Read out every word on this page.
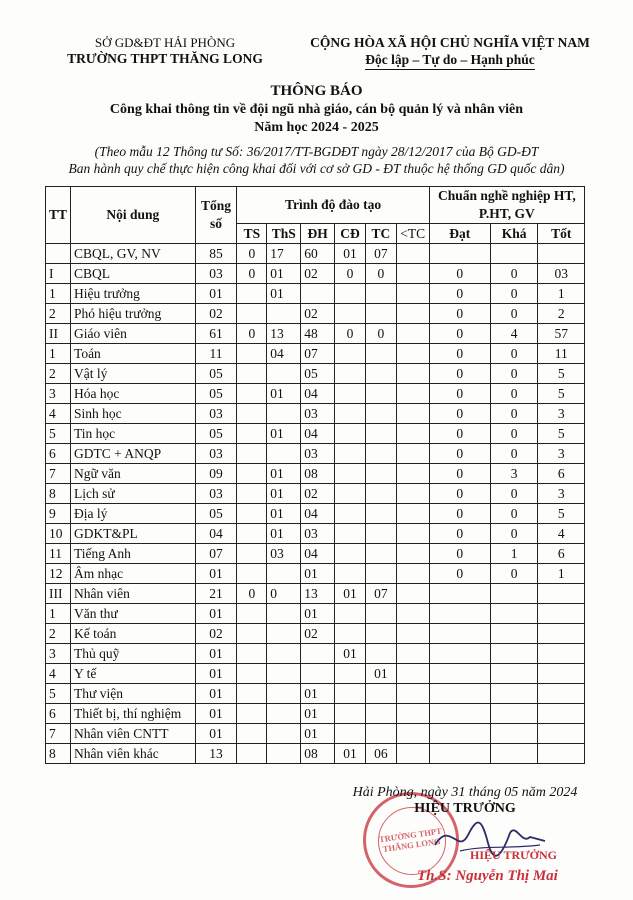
SỞ GD&ĐT HẢI PHÒNG
TRƯỜNG THPT THĂNG LONG
CỘNG HÒA XÃ HỘI CHỦ NGHĨA VIỆT NAM
Độc lập – Tự do – Hạnh phúc
THÔNG BÁO
Công khai thông tin về đội ngũ nhà giáo, cán bộ quản lý và nhân viên
Năm học 2024 - 2025
(Theo mẫu 12 Thông tư Số: 36/2017/TT-BGDĐT ngày 28/12/2017 của Bộ GD-ĐT
Ban hành quy chế thực hiện công khai đối với cơ sở GD - ĐT thuộc hệ thống GD quốc dân)
TT	Nội dung	Tổng số	Trình độ đào tạo						Chuẩn nghề nghiệp HT, P.HT, GV		
			TS	ThS	ĐH	CĐ	TC	<TC	Đạt	Khá	Tốt
	CBQL, GV, NV	85	0	17	60	01	07				
I	CBQL	03	0	01	02	0	0		0	0	03
1	Hiệu trưởng	01		01					0	0	1
2	Phó hiệu trưởng	02			02				0	0	2
II	Giáo viên	61	0	13	48	0	0		0	4	57
1	Toán	11		04	07				0	0	11
2	Vật lý	05			05				0	0	5
3	Hóa học	05		01	04				0	0	5
4	Sinh học	03			03				0	0	3
5	Tin học	05		01	04				0	0	5
6	GDTC + ANQP	03			03				0	0	3
7	Ngữ văn	09		01	08				0	3	6
8	Lịch sử	03		01	02				0	0	3
9	Địa lý	05		01	04				0	0	5
10	GDKT&PL	04		01	03				0	0	4
11	Tiếng Anh	07		03	04				0	1	6
12	Âm nhạc	01			01				0	0	1
III	Nhân viên	21	0	0	13	01	07				
1	Văn thư	01			01						
2	Kế toán	02			02						
3	Thủ quỹ	01				01					
4	Y tế	01					01				
5	Thư viện	01			01						
6	Thiết bị, thí nghiệm	01			01						
7	Nhân viên CNTT	01			01						
8	Nhân viên khác	13			08	01	06				
TRƯỜNG THPT THĂNG LONG
Hải Phòng, ngày 31 tháng 05 năm 2024
HIỆU TRƯỞNG
HIỆU TRƯỞNG
Th.S: Nguyễn Thị Mai
